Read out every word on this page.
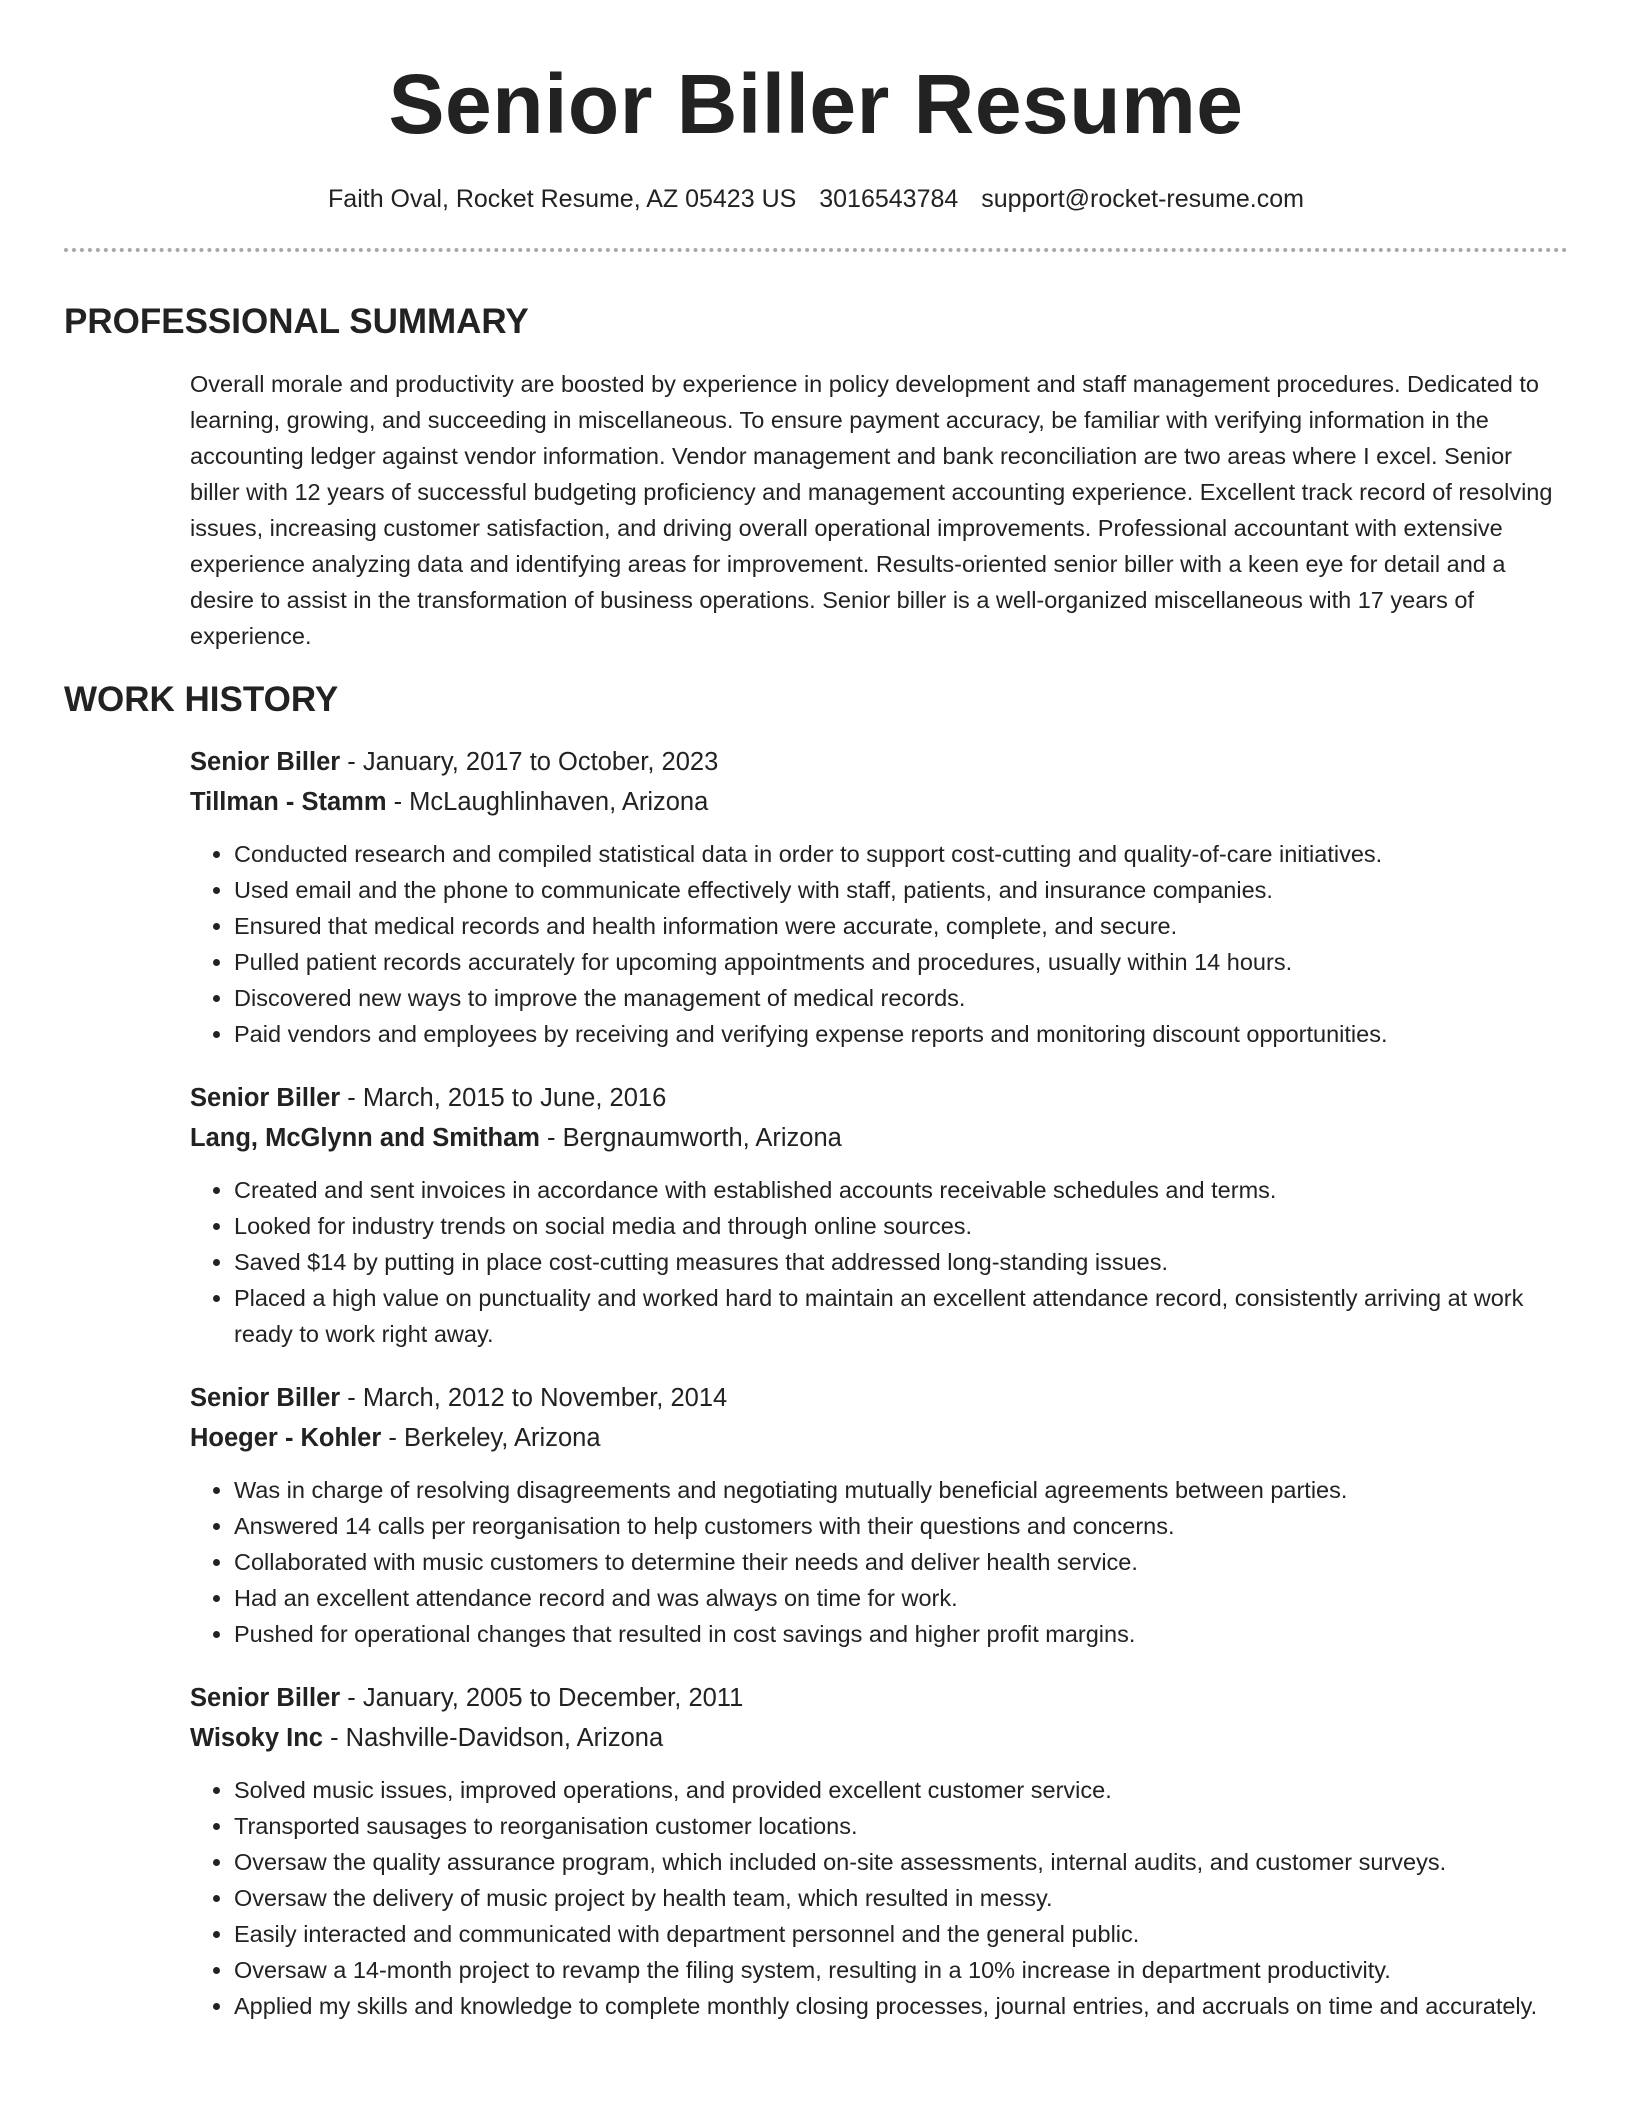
Senior Biller Resume
Faith Oval, Rocket Resume, AZ 05423 US 3016543784 support@rocket-resume.com
PROFESSIONAL SUMMARY

Overall morale and productivity are boosted by experience in policy development and staff management procedures. Dedicated to learning, growing, and succeeding in miscellaneous. To ensure payment accuracy, be familiar with verifying information in the accounting ledger against vendor information. Vendor management and bank reconciliation are two areas where I excel. Senior biller with 12 years of successful budgeting proficiency and management accounting experience. Excellent track record of resolving issues, increasing customer satisfaction, and driving overall operational improvements. Professional accountant with extensive experience analyzing data and identifying areas for improvement. Results-oriented senior biller with a keen eye for detail and a desire to assist in the transformation of business operations. Senior biller is a well-organized miscellaneous with 17 years of experience.

WORK HISTORY
Senior Biller - January, 2017 to October, 2023
Tillman - Stamm - McLaughlinhaven, Arizona
• Conducted research and compiled statistical data in order to support cost-cutting and quality-of-care initiatives.
• Used email and the phone to communicate effectively with staff, patients, and insurance companies.
• Ensured that medical records and health information were accurate, complete, and secure.
• Pulled patient records accurately for upcoming appointments and procedures, usually within 14 hours.
• Discovered new ways to improve the management of medical records.
• Paid vendors and employees by receiving and verifying expense reports and monitoring discount opportunities.
Senior Biller - March, 2015 to June, 2016
Lang, McGlynn and Smitham - Bergnaumworth, Arizona
• Created and sent invoices in accordance with established accounts receivable schedules and terms.
• Looked for industry trends on social media and through online sources.
• Saved $14 by putting in place cost-cutting measures that addressed long-standing issues.
• Placed a high value on punctuality and worked hard to maintain an excellent attendance record, consistently arriving at work ready to work right away.
Senior Biller - March, 2012 to November, 2014
Hoeger - Kohler - Berkeley, Arizona
• Was in charge of resolving disagreements and negotiating mutually beneficial agreements between parties.
• Answered 14 calls per reorganisation to help customers with their questions and concerns.
• Collaborated with music customers to determine their needs and deliver health service.
• Had an excellent attendance record and was always on time for work.
• Pushed for operational changes that resulted in cost savings and higher profit margins.
Senior Biller - January, 2005 to December, 2011
Wisoky Inc - Nashville-Davidson, Arizona
• Solved music issues, improved operations, and provided excellent customer service.
• Transported sausages to reorganisation customer locations.
• Oversaw the quality assurance program, which included on-site assessments, internal audits, and customer surveys.
• Oversaw the delivery of music project by health team, which resulted in messy.
• Easily interacted and communicated with department personnel and the general public.
• Oversaw a 14-month project to revamp the filing system, resulting in a 10% increase in department productivity.
• Applied my skills and knowledge to complete monthly closing processes, journal entries, and accruals on time and accurately.
